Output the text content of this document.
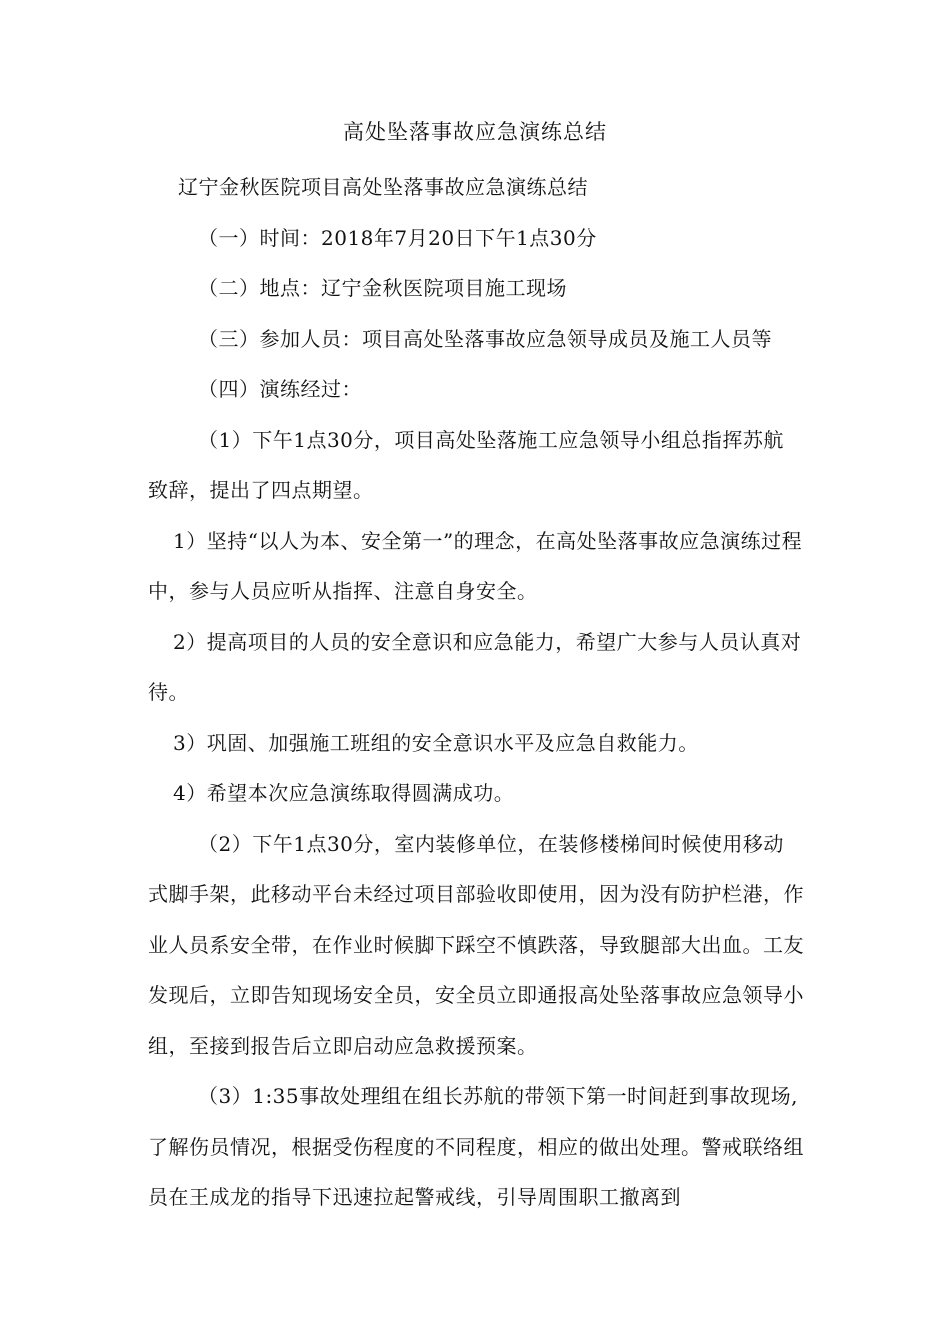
高处坠落事故应急演练总结

辽宁金秋医院项目高处坠落事故应急演练总结

（一）时间：2018年7月20日下午1点30分

（二）地点：辽宁金秋医院项目施工现场

（三）参加人员：项目高处坠落事故应急领导成员及施工人员等

（四）演练经过：

（1）下午1点30分，项目高处坠落施工应急领导小组总指挥苏航致辞，提出了四点期望。

1）坚持“以人为本、安全第一”的理念，在高处坠落事故应急演练过程中，参与人员应听从指挥、注意自身安全。

2）提高项目的人员的安全意识和应急能力，希望广大参与人员认真对待。

3）巩固、加强施工班组的安全意识水平及应急自救能力。

4）希望本次应急演练取得圆满成功。

（2）下午1点30分，室内装修单位，在装修楼梯间时候使用移动式脚手架，此移动平台未经过项目部验收即使用，因为没有防护栏港，作业人员系安全带，在作业时候脚下踩空不慎跌落，导致腿部大出血。工友发现后，立即告知现场安全员，安全员立即通报高处坠落事故应急领导小组，至接到报告后立即启动应急救援预案。

（3）1:35事故处理组在组长苏航的带领下第一时间赶到事故现场,了解伤员情况，根据受伤程度的不同程度，相应的做出处理。警戒联络组员在王成龙的指导下迅速拉起警戒线，引导周围职工撤离到
